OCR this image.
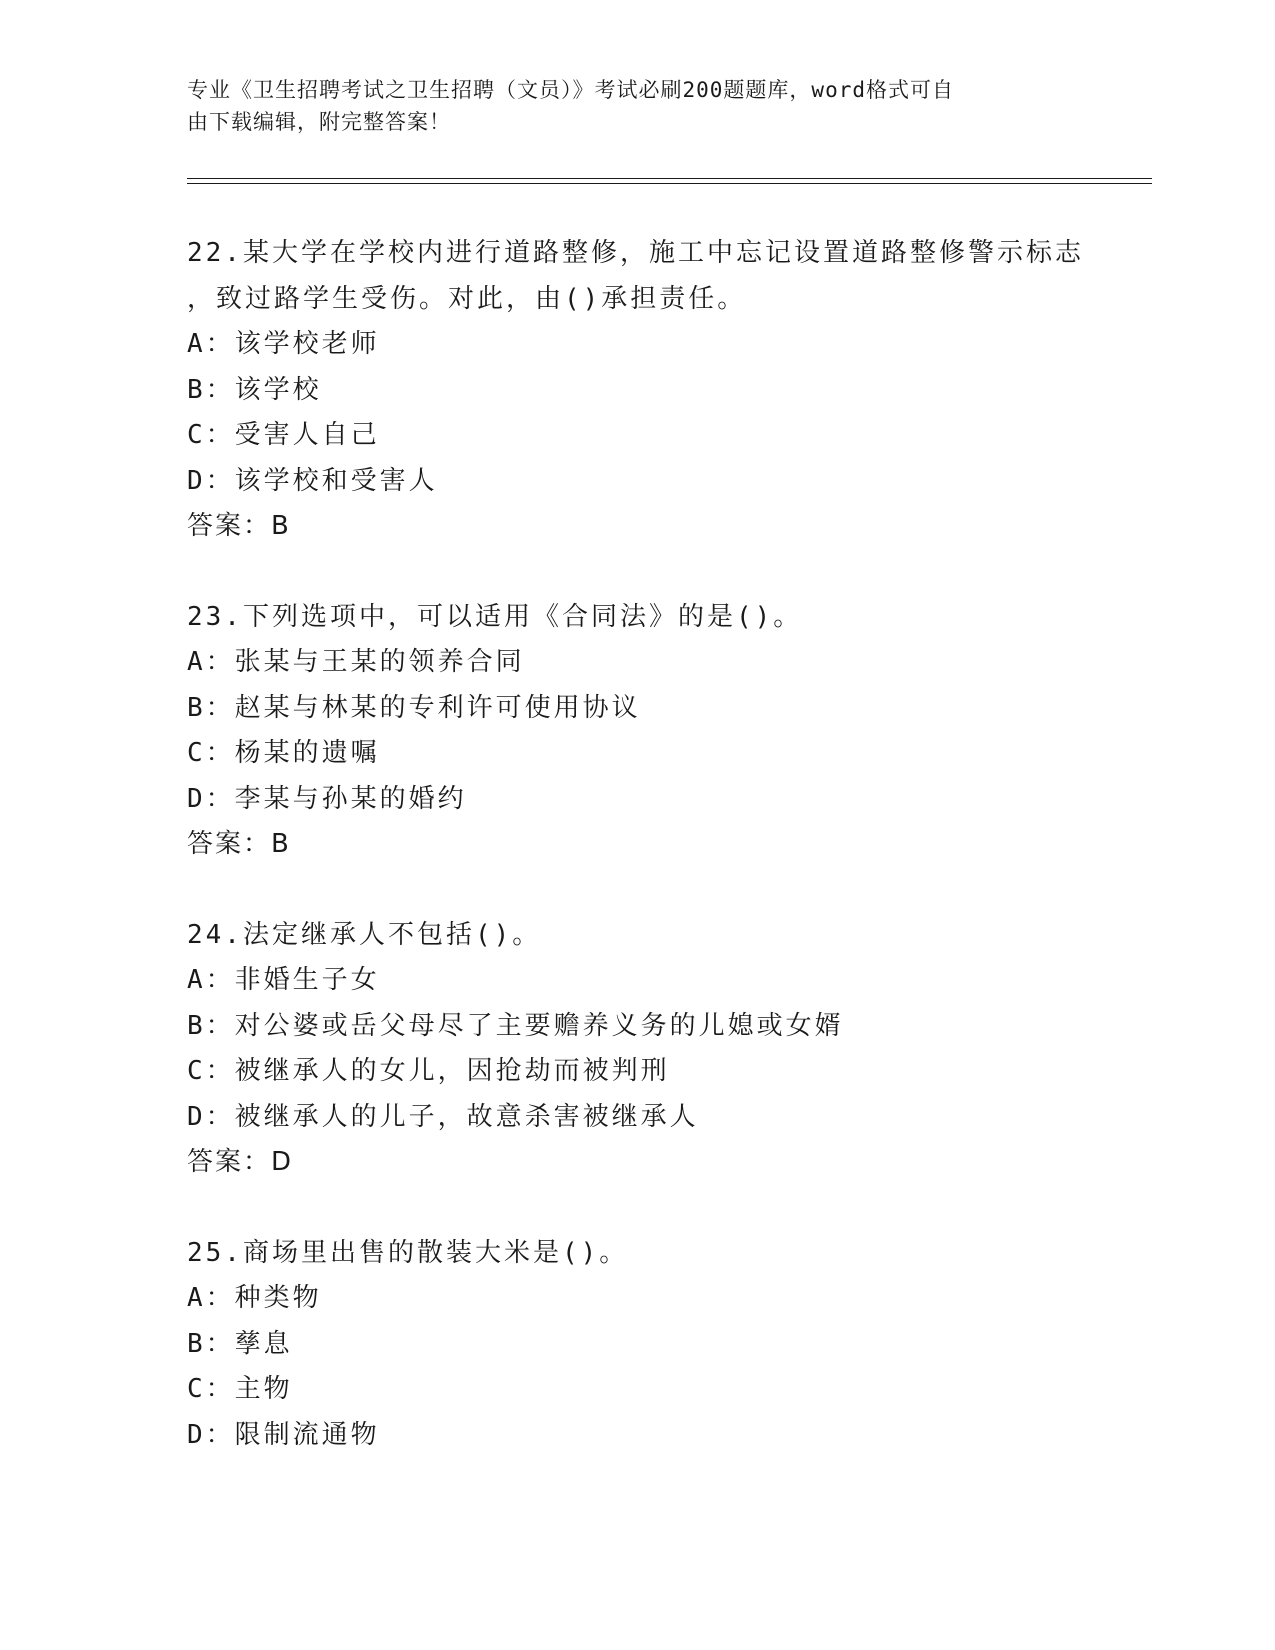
专业《卫生招聘考试之卫生招聘（文员）》考试必刷200题题库，word格式可自
由下载编辑，附完整答案！
22.某大学在学校内进行道路整修，施工中忘记设置道路整修警示标志
，致过路学生受伤。对此，由()承担责任。
A：该学校老师
B：该学校
C：受害人自己
D：该学校和受害人
答案：B
23.下列选项中，可以适用《合同法》的是()。
A：张某与王某的领养合同
B：赵某与林某的专利许可使用协议
C：杨某的遗嘱
D：李某与孙某的婚约
答案：B
24.法定继承人不包括()。
A：非婚生子女
B：对公婆或岳父母尽了主要赡养义务的儿媳或女婿
C：被继承人的女儿，因抢劫而被判刑
D：被继承人的儿子，故意杀害被继承人
答案：D
25.商场里出售的散装大米是()。
A：种类物
B：孳息
C：主物
D：限制流通物
